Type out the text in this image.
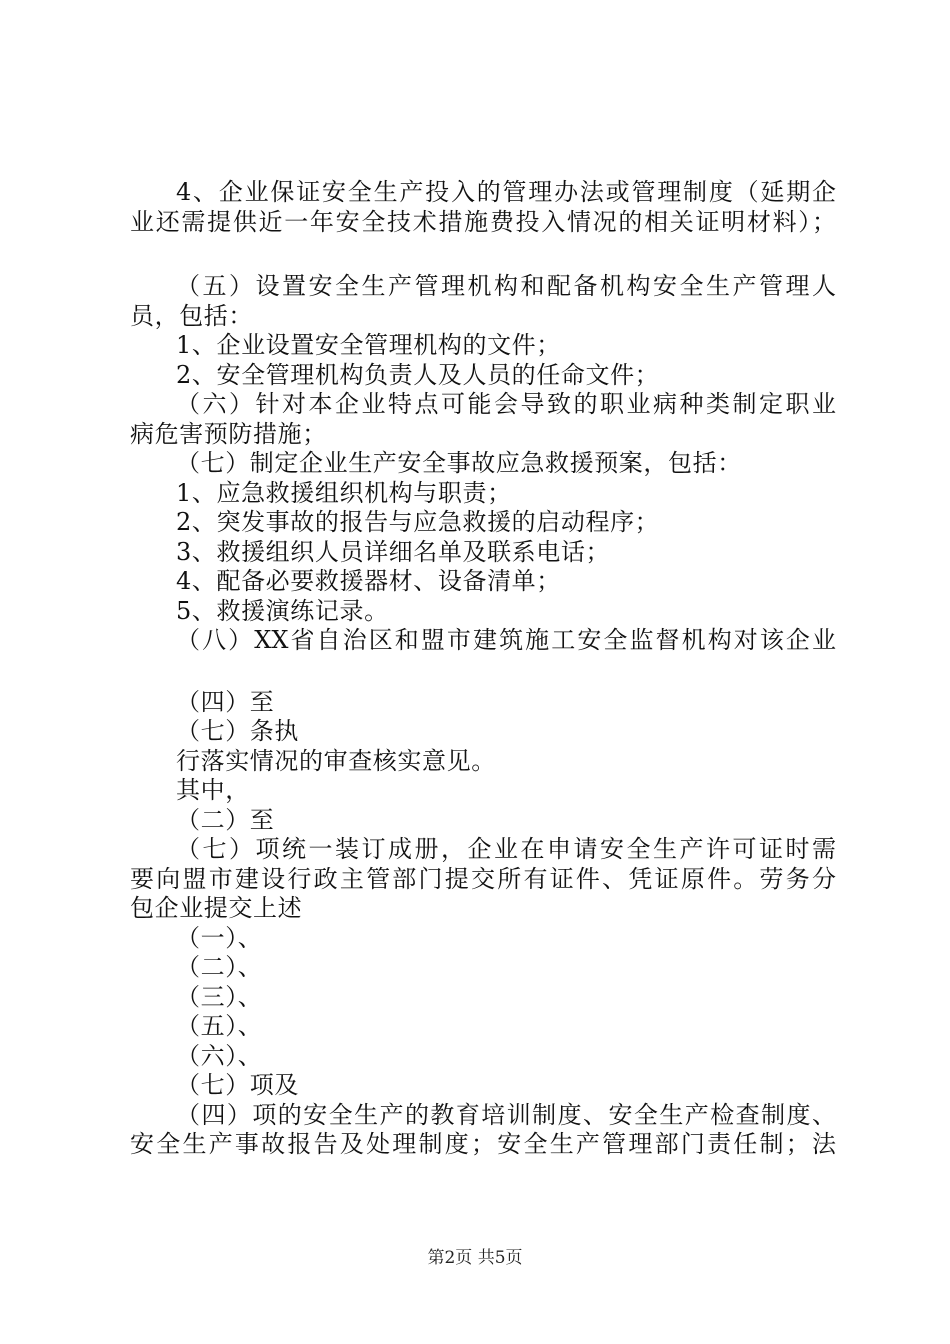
4、企业保证安全生产投入的管理办法或管理制度（延期企
业还需提供近一年安全技术措施费投入情况的相关证明材料）；
（五）设置安全生产管理机构和配备机构安全生产管理人
员，包括：
1、企业设置安全管理机构的文件；
2、安全管理机构负责人及人员的任命文件；
（六）针对本企业特点可能会导致的职业病种类制定职业
病危害预防措施；
（七）制定企业生产安全事故应急救援预案，包括：
1、应急救援组织机构与职责；
2、突发事故的报告与应急救援的启动程序；
3、救援组织人员详细名单及联系电话；
4、配备必要救援器材、设备清单；
5、救援演练记录。
（八）XX省自治区和盟市建筑施工安全监督机构对该企业
（四）至
（七）条执
行落实情况的审查核实意见。
其中，
（二）至
（七）项统一装订成册，企业在申请安全生产许可证时需
要向盟市建设行政主管部门提交所有证件、凭证原件。劳务分
包企业提交上述
（一）、
（二）、
（三）、
（五）、
（六）、
（七）项及
（四）项的安全生产的教育培训制度、安全生产检查制度、
安全生产事故报告及处理制度；安全生产管理部门责任制；法
第2页 共5页
